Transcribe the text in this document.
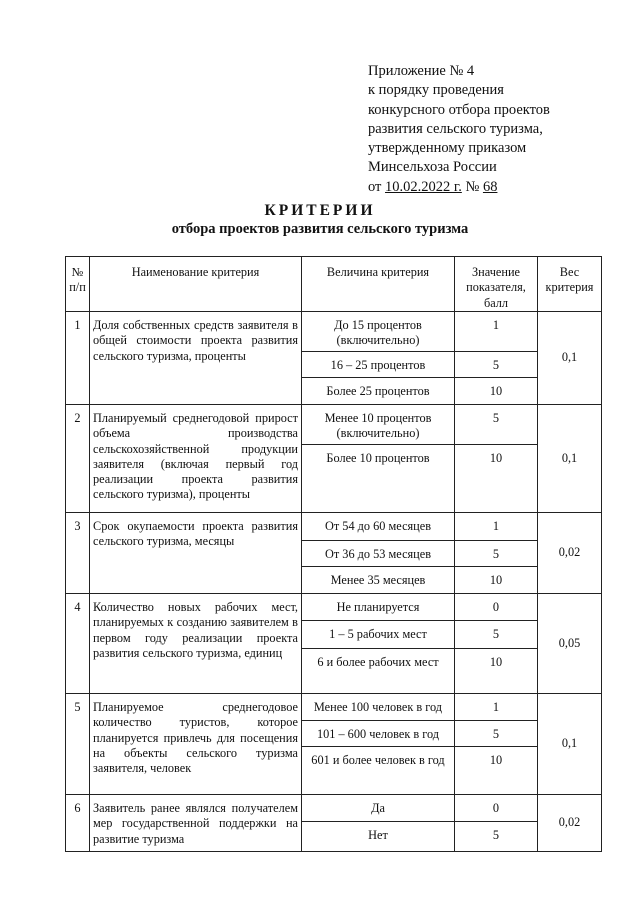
Приложение № 4
к порядку проведения
конкурсного отбора проектов
развития сельского туризма,
утвержденному приказом
Минсельхоза России
от 10.02.2022 г. № 68
КРИТЕРИИ
отбора проектов развития сельского туризма
№ п/п	Наименование критерия	Величина критерия	Значение показателя, балл	Вес критерия
1	Доля собственных средств заявителя в общей стоимости проекта развития сельского туризма, проценты	До 15 процентов (включительно)	1	0,1
		16 – 25 процентов	5	
		Более 25 процентов	10	
2	Планируемый среднегодовой прирост объема производства сельскохозяйственной продукции заявителя (включая первый год реализации проекта развития сельского туризма), проценты	Менее 10 процентов (включительно)	5	0,1
		Более 10 процентов	10	
3	Срок окупаемости проекта развития сельского туризма, месяцы	От 54 до 60 месяцев	1	0,02
		От 36 до 53 месяцев	5	
		Менее 35 месяцев	10	
4	Количество новых рабочих мест, планируемых к созданию заявителем в первом году реализации проекта развития сельского туризма, единиц	Не планируется	0	0,05
		1 – 5 рабочих мест	5	
		6 и более рабочих мест	10	
5	Планируемое среднегодовое количество туристов, которое планируется привлечь для посещения на объекты сельского туризма заявителя, человек	Менее 100 человек в год	1	0,1
		101 – 600 человек в год	5	
		601 и более человек в год	10	
6	Заявитель ранее являлся получателем мер государственной поддержки на развитие туризма	Да	0	0,02
		Нет	5	
